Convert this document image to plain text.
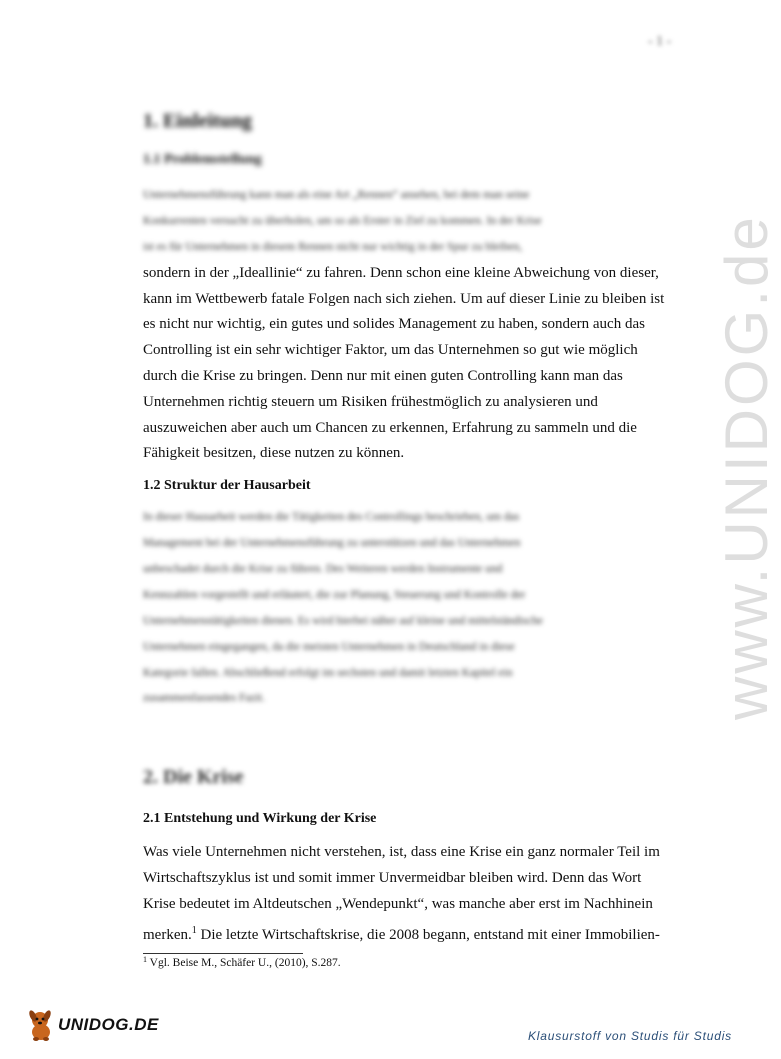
- 1 -
www.UNIDOG.de
1. Einleitung
1.1 Problemstellung
Unternehmensführung kann man als eine Art „Rennen“ ansehen, bei dem man seine
Konkurrenten versucht zu überholen, um so als Erster in Ziel zu kommen. In der Krise
ist es für Unternehmen in diesem Rennen nicht nur wichtig in der Spur zu bleiben,
sondern in der „Ideallinie“ zu fahren. Denn schon eine kleine Abweichung von dieser,
kann im Wettbewerb fatale Folgen nach sich ziehen. Um auf dieser Linie zu bleiben ist
es nicht nur wichtig, ein gutes und solides Management zu haben, sondern auch das
Controlling ist ein sehr wichtiger Faktor, um das Unternehmen so gut wie möglich
durch die Krise zu bringen. Denn nur mit einen guten Controlling kann man das
Unternehmen richtig steuern um Risiken frühestmöglich zu analysieren und
auszuweichen aber auch um Chancen zu erkennen, Erfahrung zu sammeln und die
Fähigkeit besitzen, diese nutzen zu können.
1.2 Struktur der Hausarbeit
In dieser Hausarbeit werden die Tätigkeiten des Controllings beschrieben, um das
Management bei der Unternehmensführung zu unterstützen und das Unternehmen
unbeschadet durch die Krise zu führen. Des Weiteren werden Instrumente und
Kennzahlen vorgestellt und erläutert, die zur Planung, Steuerung und Kontrolle der
Unternehmenstätigkeiten dienen. Es wird hierbei näher auf kleine und mittelständische
Unternehmen eingegangen, da die meisten Unternehmen in Deutschland in diese
Kategorie fallen. Abschließend erfolgt im sechsten und damit letzten Kapitel ein
zusammenfassendes Fazit.
2. Die Krise
2.1 Entstehung und Wirkung der Krise
Was viele Unternehmen nicht verstehen, ist, dass eine Krise ein ganz normaler Teil im
Wirtschaftszyklus ist und somit immer Unvermeidbar bleiben wird. Denn das Wort
Krise bedeutet im Altdeutschen „Wendepunkt“, was manche aber erst im Nachhinein
merken.$^1$ Die letzte Wirtschaftskrise, die 2008 begann, entstand mit einer Immobilien-

$^1$ Vgl. Beise M., Schäfer U., (2010), S.287.

UNIDOG.DE
Klausurstoff von Studis für Studis
